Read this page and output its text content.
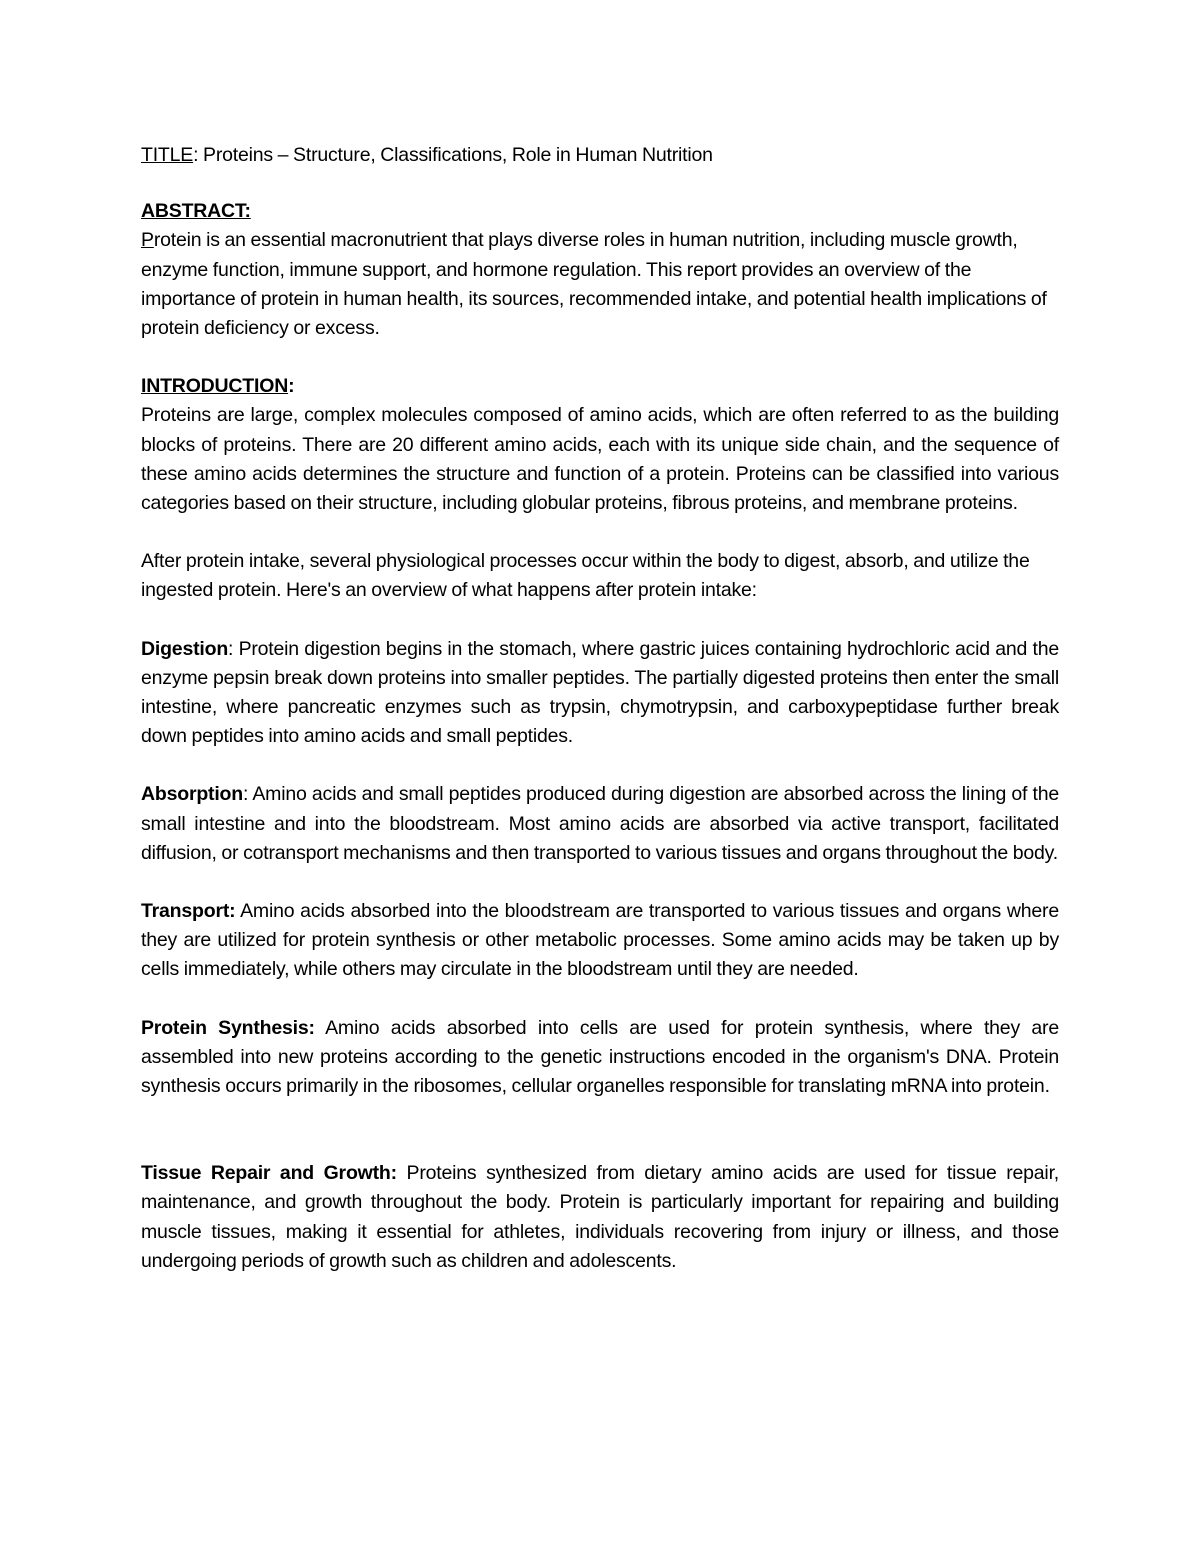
TITLE: Proteins – Structure, Classifications, Role in Human Nutrition

ABSTRACT:

Protein is an essential macronutrient that plays diverse roles in human nutrition, including muscle growth, enzyme function, immune support, and hormone regulation. This report provides an overview of the importance of protein in human health, its sources, recommended intake, and potential health implications of protein deficiency or excess.

INTRODUCTION:

Proteins are large, complex molecules composed of amino acids, which are often referred to as the building blocks of proteins. There are 20 different amino acids, each with its unique side chain, and the sequence of these amino acids determines the structure and function of a protein. Proteins can be classified into various categories based on their structure, including globular proteins, fibrous proteins, and membrane proteins.

After protein intake, several physiological processes occur within the body to digest, absorb, and utilize the ingested protein. Here's an overview of what happens after protein intake:

Digestion: Protein digestion begins in the stomach, where gastric juices containing hydrochloric acid and the enzyme pepsin break down proteins into smaller peptides. The partially digested proteins then enter the small intestine, where pancreatic enzymes such as trypsin, chymotrypsin, and carboxypeptidase further break down peptides into amino acids and small peptides.

Absorption: Amino acids and small peptides produced during digestion are absorbed across the lining of the small intestine and into the bloodstream. Most amino acids are absorbed via active transport, facilitated diffusion, or cotransport mechanisms and then transported to various tissues and organs throughout the body.

Transport: Amino acids absorbed into the bloodstream are transported to various tissues and organs where they are utilized for protein synthesis or other metabolic processes. Some amino acids may be taken up by cells immediately, while others may circulate in the bloodstream until they are needed.

Protein Synthesis: Amino acids absorbed into cells are used for protein synthesis, where they are assembled into new proteins according to the genetic instructions encoded in the organism's DNA. Protein synthesis occurs primarily in the ribosomes, cellular organelles responsible for translating mRNA into protein.

Tissue Repair and Growth: Proteins synthesized from dietary amino acids are used for tissue repair, maintenance, and growth throughout the body. Protein is particularly important for repairing and building muscle tissues, making it essential for athletes, individuals recovering from injury or illness, and those undergoing periods of growth such as children and adolescents.
